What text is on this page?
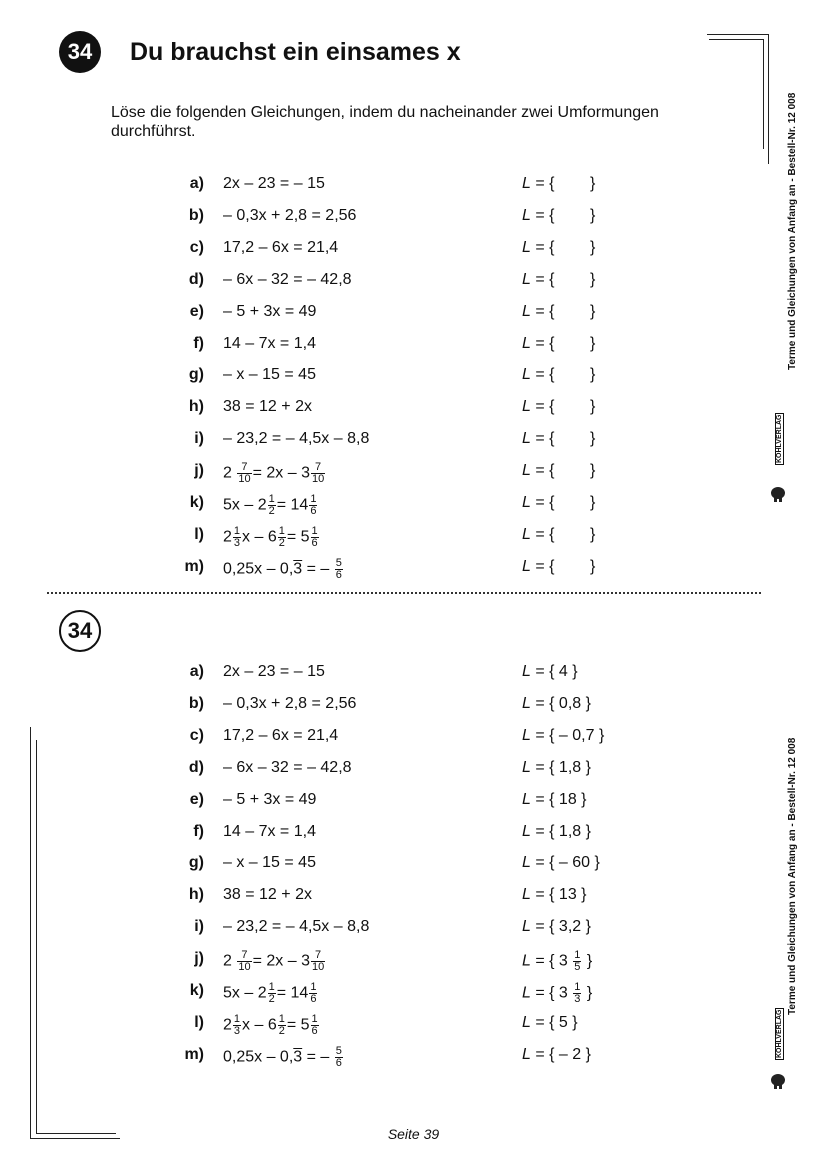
34 Du brauchst ein einsames x
Löse die folgenden Gleichungen, indem du nacheinander zwei Umformungen durchführst.	Terme und Gleichungen von Anfang an - Bestell-Nr. 12 008
KOHLVERLAG
Terme und Gleichungen von Anfang an - Bestell-Nr. 12 008
KOHLVERLAG
a) 2x – 23 = – 15	L = {        }
b) – 0,3x + 2,8 = 2,56	L = {        }
c) 17,2 – 6x = 21,4	L = {        }
d) – 6x – 32 = – 42,8	L = {        }
e) – 5 + 3x = 49	L = {        }
f) 14 – 7x = 1,4	L = {        }
g) – x – 15 = 45	L = {        }
h) 38 = 12 + 2x	L = {        }
i) – 23,2 = – 4,5x – 8,8	L = {        }
j) $2 \frac{7}{10} = 2x - 3 \frac{7}{10}$	L = {        }
k) $5x - 2 \frac{1}{2} = 14 \frac{1}{6}$	L = {        }
l) $2 \frac{1}{3}$ $x - 6 \frac{1}{2} = 5 \frac{1}{6}$	L = {        }
m) 0,25x – 0,3 = – $\frac{5}{6}$	L = {        }
34
a) 2x – 23 = – 15	L = { 4 }
b) – 0,3x + 2,8 = 2,56	L = { 0,8 }
c) 17,2 – 6x = 21,4	L = { – 0,7 }
d) – 6x – 32 = – 42,8	L = { 1,8 }
e) – 5 + 3x = 49	L = { 18 }
f) 14 – 7x = 1,4	L = { 1,8 }
g) – x – 15 = 45	L = { – 60 }
h) 38 = 12 + 2x	L = { 13 }
i) – 23,2 = – 4,5x – 8,8	L = { 3,2 }
j) $2 \frac{7}{10} = 2x - 3 \frac{7}{10}$	L = { $3 \frac{1}{5}$ }
k) $5x - 2 \frac{1}{2} = 14 \frac{1}{6}$	L = { $3 \frac{1}{3}$ }
l) $2 \frac{1}{3}$ $x - 6 \frac{1}{2} = 5 \frac{1}{6}$	L = { 5 }
m) 0,25x – 0,3 = – $\frac{5}{6}$	L = { – 2 }
Seite 39
